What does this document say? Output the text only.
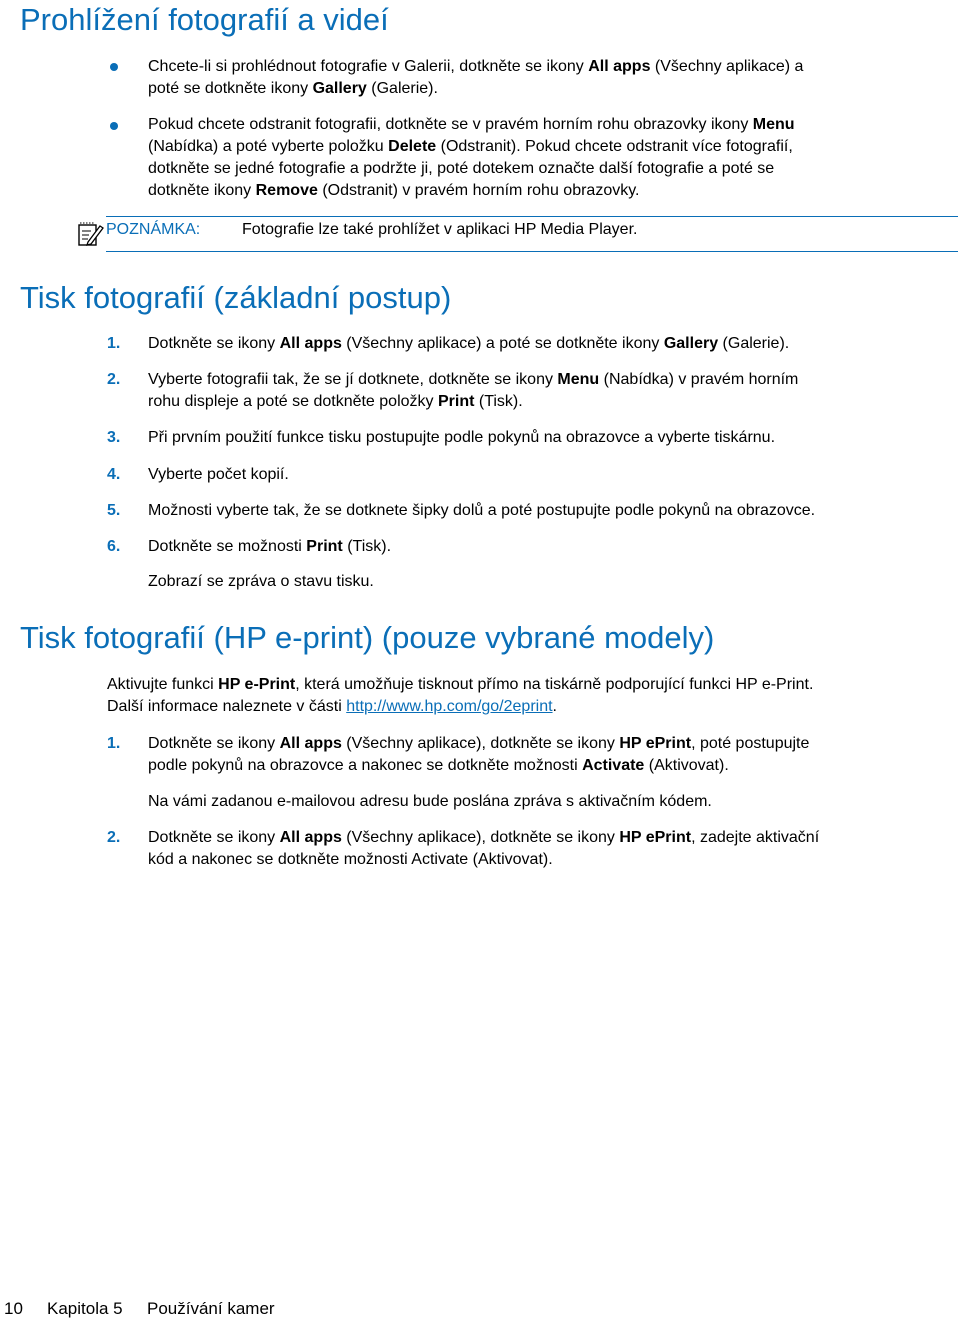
Prohlížení fotografií a videí

Chcete-li si prohlédnout fotografie v Galerii, dotkněte se ikony All apps (Všechny aplikace) a
poté se dotkněte ikony Gallery (Galerie).

Pokud chcete odstranit fotografii, dotkněte se v pravém horním rohu obrazovky ikony Menu
(Nabídka) a poté vyberte položku Delete (Odstranit). Pokud chcete odstranit více fotografií,
dotkněte se jedné fotografie a podržte ji, poté dotekem označte další fotografie a poté se
dotkněte ikony Remove (Odstranit) v pravém horním rohu obrazovky.

POZNÁMKA:	Fotografie lze také prohlížet v aplikaci HP Media Player.
Tisk fotografií (základní postup)
1. Dotkněte se ikony All apps (Všechny aplikace) a poté se dotkněte ikony Gallery (Galerie).

2. Vyberte fotografii tak, že se jí dotknete, dotkněte se ikony Menu (Nabídka) v pravém horním
rohu displeje a poté se dotkněte položky Print (Tisk).

3. Při prvním použití funkce tisku postupujte podle pokynů na obrazovce a vyberte tiskárnu.

4. Vyberte počet kopií.

5. Možnosti vyberte tak, že se dotknete šipky dolů a poté postupujte podle pokynů na obrazovce.

6. Dotkněte se možnosti Print (Tisk).

Zobrazí se zpráva o stavu tisku.

Tisk fotografií (HP e-print) (pouze vybrané modely)

Aktivujte funkci HP e-Print, která umožňuje tisknout přímo na tiskárně podporující funkci HP e-Print.
Další informace naleznete v části http://www.hp.com/go/2eprint.

1. Dotkněte se ikony All apps (Všechny aplikace), dotkněte se ikony HP ePrint, poté postupujte
podle pokynů na obrazovce a nakonec se dotkněte možnosti Activate (Aktivovat).

Na vámi zadanou e-mailovou adresu bude poslána zpráva s aktivačním kódem.

2. Dotkněte se ikony All apps (Všechny aplikace), dotkněte se ikony HP ePrint, zadejte aktivační
kód a nakonec se dotkněte možnosti Activate (Aktivovat).

10 Kapitola 5 Používání kamer
